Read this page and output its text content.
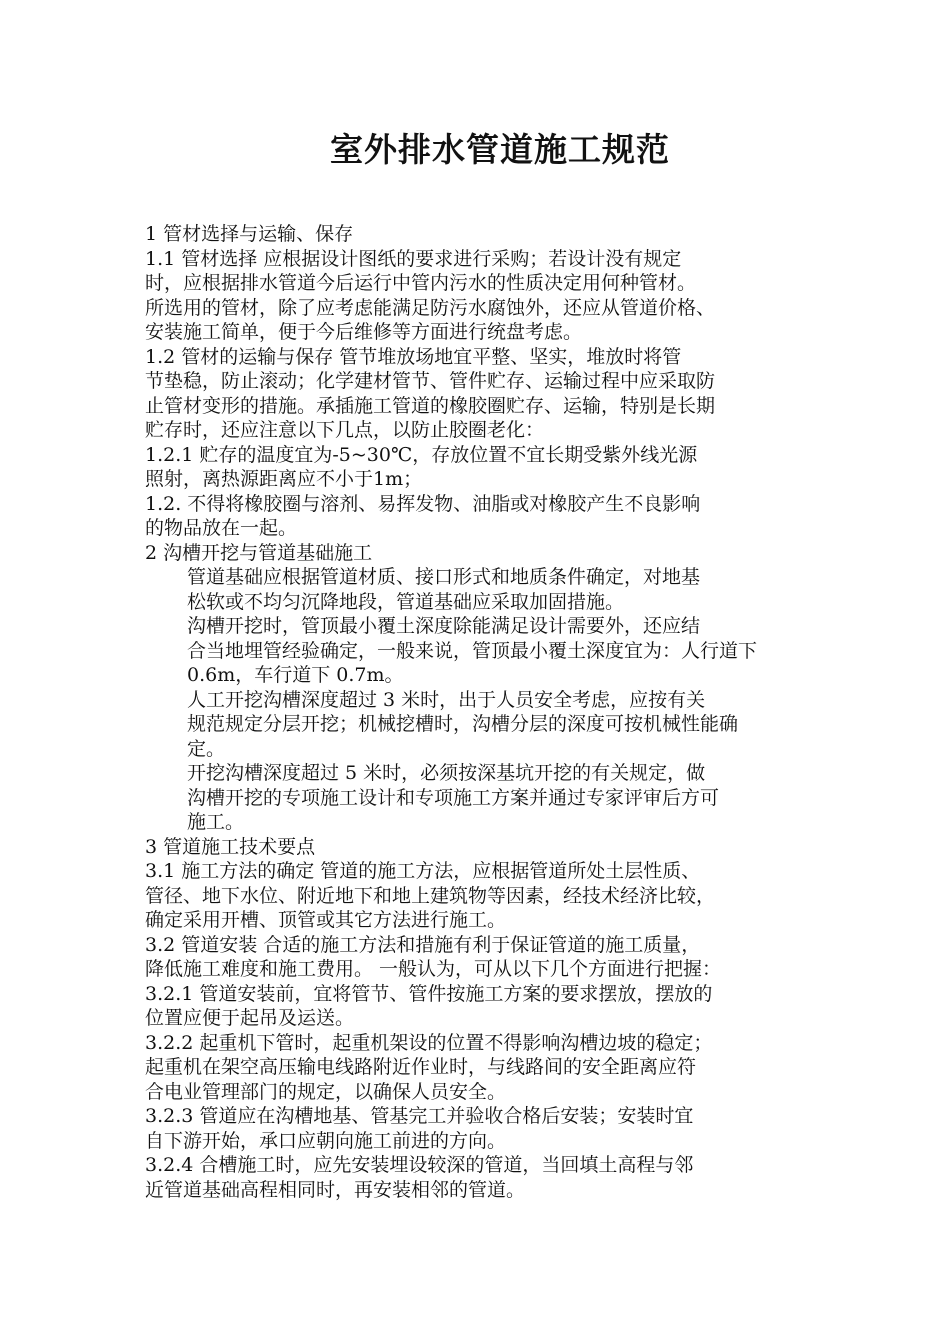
室外排水管道施工规范

1 管材选择与运输、保存

1.1 管材选择 应根据设计图纸的要求进行采购；若设计没有规定
时，应根据排水管道今后运行中管内污水的性质决定用何种管材。
所选用的管材，除了应考虑能满足防污水腐蚀外，还应从管道价格、
安装施工简单，便于今后维修等方面进行统盘考虑。

1.2 管材的运输与保存 管节堆放场地宜平整、坚实，堆放时将管
节垫稳，防止滚动；化学建材管节、管件贮存、运输过程中应采取防
止管材变形的措施。承插施工管道的橡胶圈贮存、运输，特别是长期
贮存时，还应注意以下几点，以防止胶圈老化：

1.2.1 贮存的温度宜为-5~30℃，存放位置不宜长期受紫外线光源
照射，离热源距离应不小于1m；

1.2. 不得将橡胶圈与溶剂、易挥发物、油脂或对橡胶产生不良影响
的物品放在一起。

2 沟槽开挖与管道基础施工

管道基础应根据管道材质、接口形式和地质条件确定，对地基
松软或不均匀沉降地段，管道基础应采取加固措施。

沟槽开挖时，管顶最小覆土深度除能满足设计需要外，还应结
合当地埋管经验确定，一般来说，管顶最小覆土深度宜为：人行道下
0.6m，车行道下 0.7m。

人工开挖沟槽深度超过 3 米时，出于人员安全考虑，应按有关
规范规定分层开挖；机械挖槽时，沟槽分层的深度可按机械性能确
定。

开挖沟槽深度超过 5 米时，必须按深基坑开挖的有关规定，做
沟槽开挖的专项施工设计和专项施工方案并通过专家评审后方可
施工。

3 管道施工技术要点

3.1 施工方法的确定 管道的施工方法，应根据管道所处土层性质、
管径、地下水位、附近地下和地上建筑物等因素，经技术经济比较，
确定采用开槽、顶管或其它方法进行施工。

3.2 管道安装 合适的施工方法和措施有利于保证管道的施工质量，
降低施工难度和施工费用。 一般认为，可从以下几个方面进行把握：

3.2.1 管道安装前，宜将管节、管件按施工方案的要求摆放，摆放的
位置应便于起吊及运送。

3.2.2 起重机下管时，起重机架设的位置不得影响沟槽边坡的稳定；
起重机在架空高压输电线路附近作业时，与线路间的安全距离应符
合电业管理部门的规定，以确保人员安全。

3.2.3 管道应在沟槽地基、管基完工并验收合格后安装；安装时宜
自下游开始，承口应朝向施工前进的方向。

3.2.4 合槽施工时，应先安装埋设较深的管道，当回填土高程与邻
近管道基础高程相同时，再安装相邻的管道。
